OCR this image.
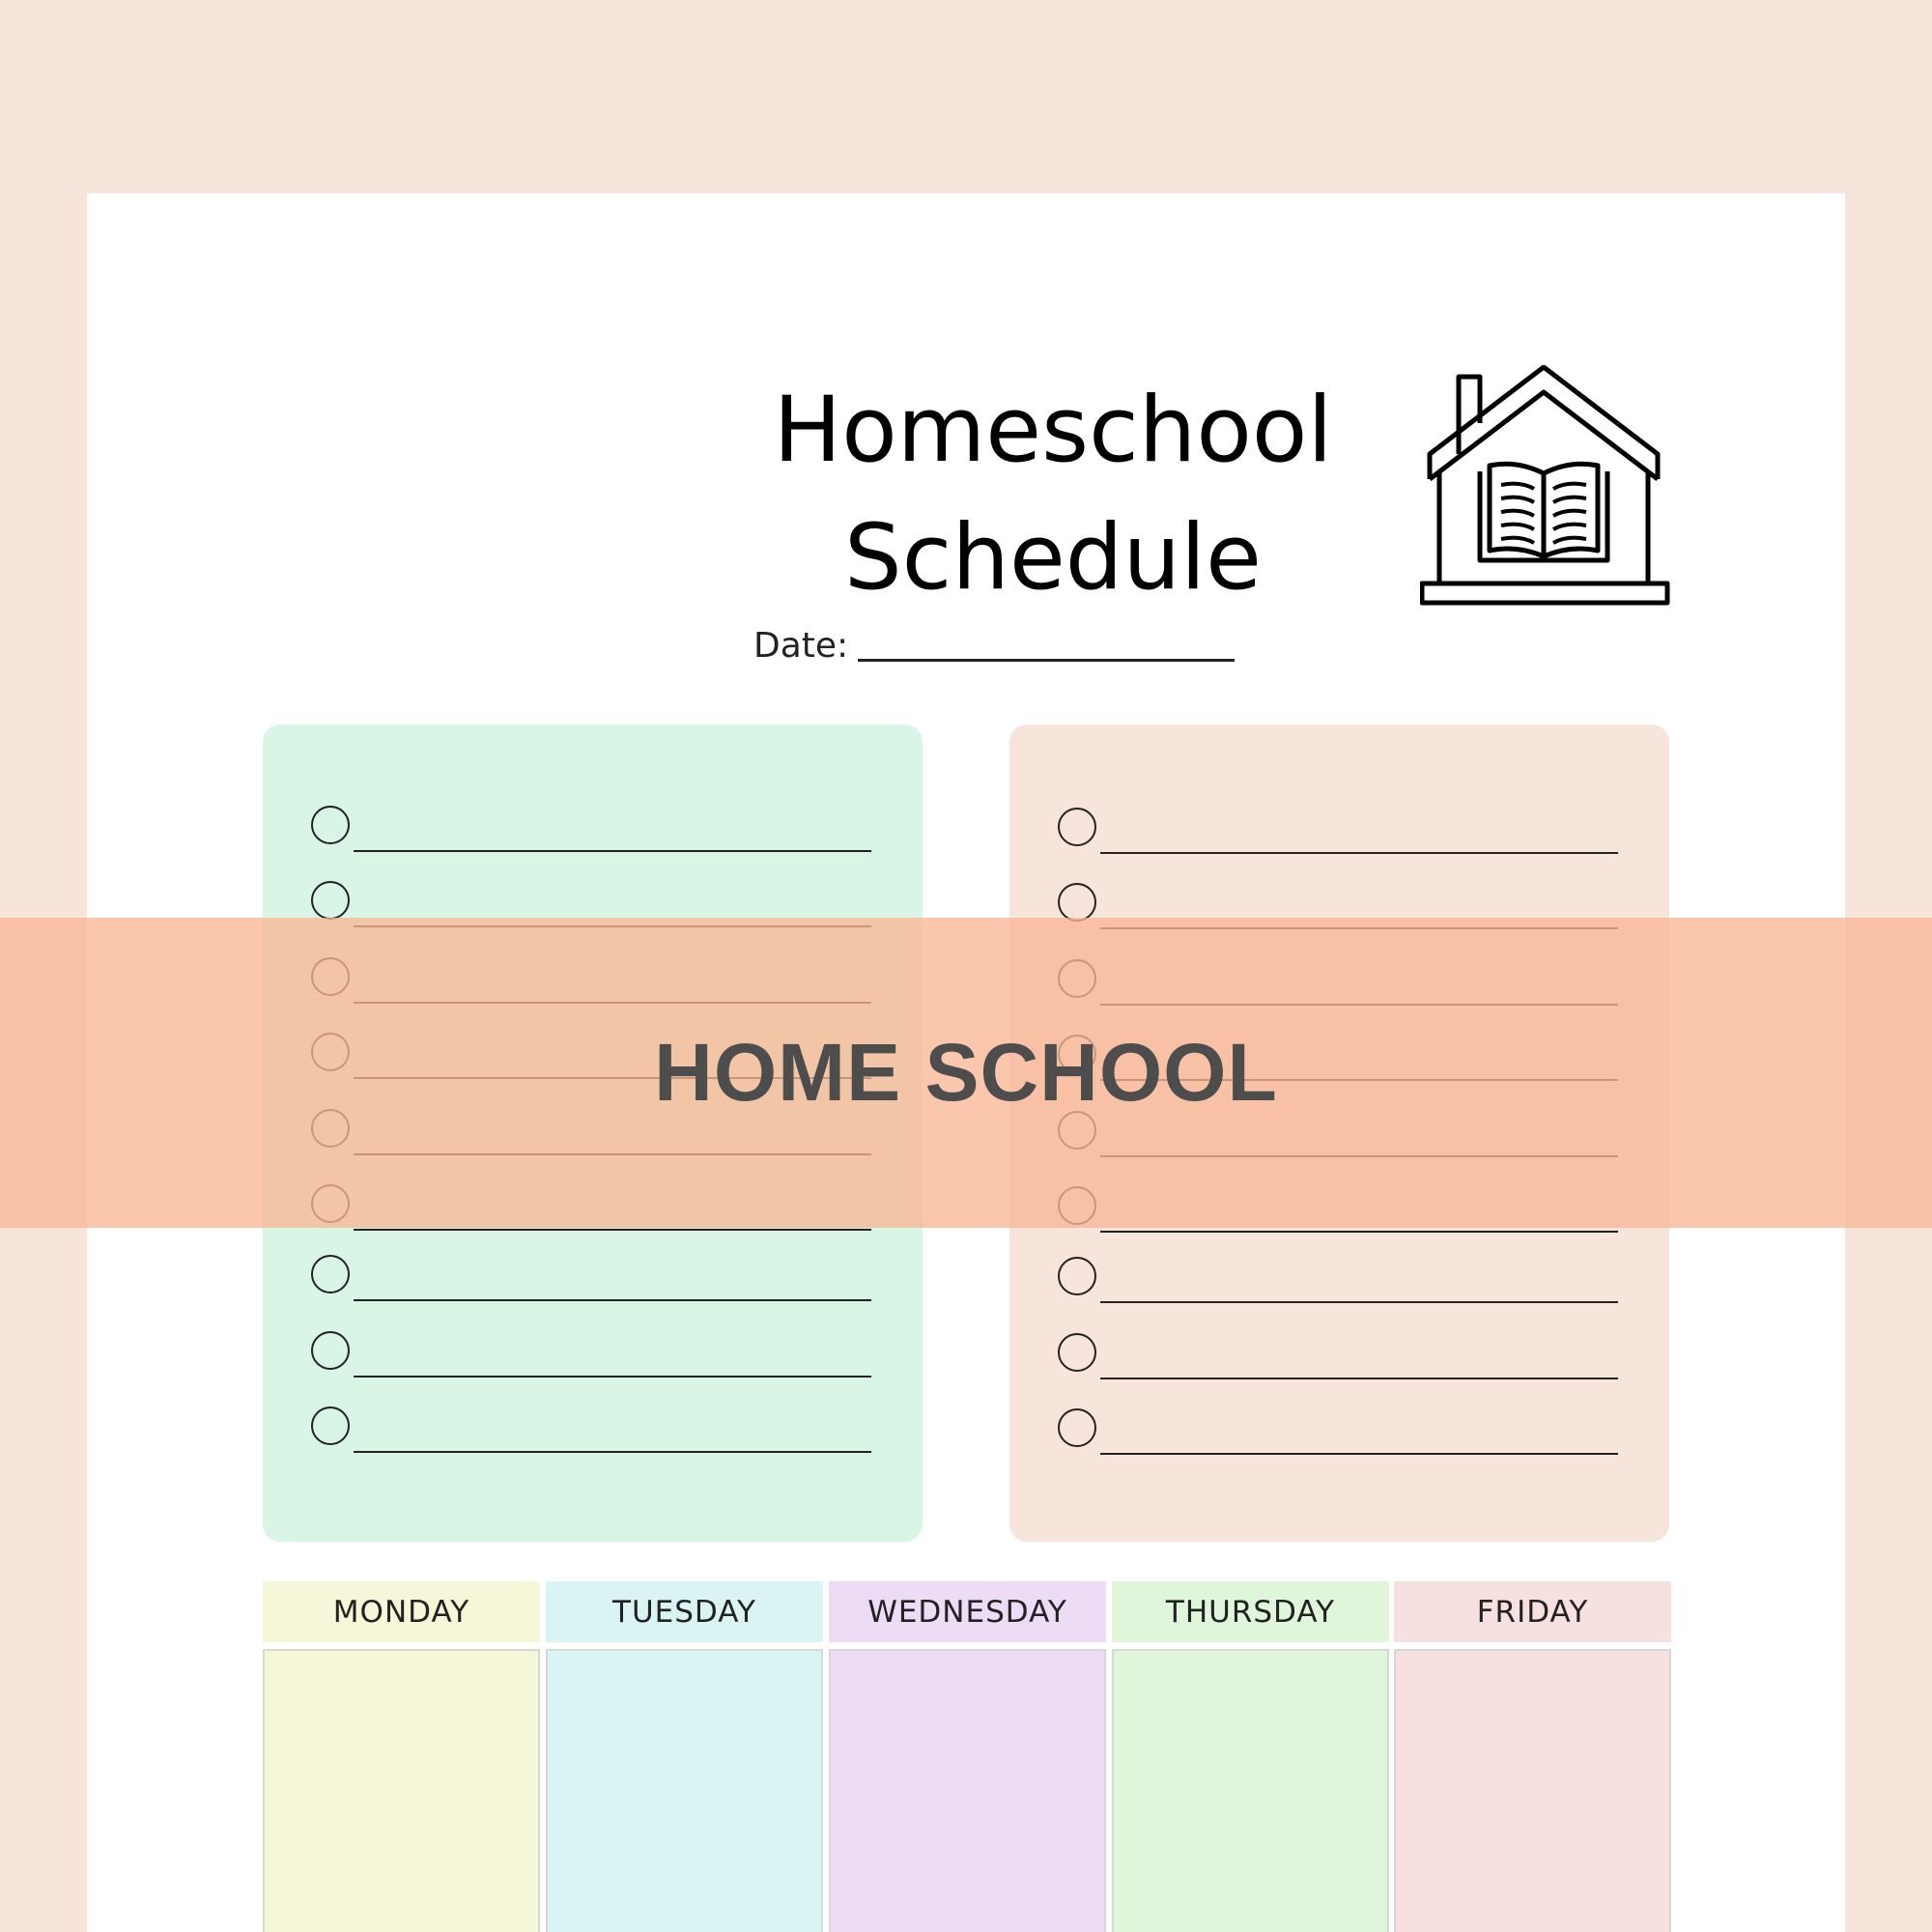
Homeschool
Schedule
Date:
MONDAY	TUESDAY	WEDNESDAY	THURSDAY	FRIDAY
HOME SCHOOL
